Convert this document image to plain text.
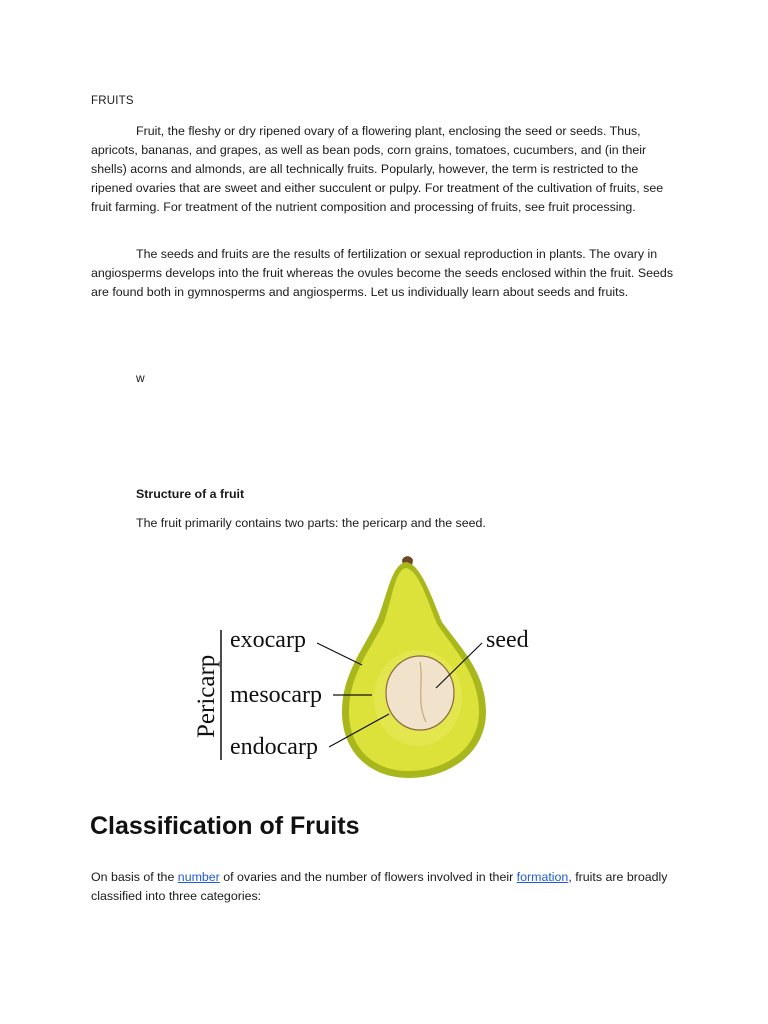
FRUITS

Fruit, the fleshy or dry ripened ovary of a flowering plant, enclosing the seed or seeds. Thus, apricots, bananas, and grapes, as well as bean pods, corn grains, tomatoes, cucumbers, and (in their shells) acorns and almonds, are all technically fruits. Popularly, however, the term is restricted to the ripened ovaries that are sweet and either succulent or pulpy. For treatment of the cultivation of fruits, see fruit farming. For treatment of the nutrient composition and processing of fruits, see fruit processing.

The seeds and fruits are the results of fertilization or sexual reproduction in plants. The ovary in angiosperms develops into the fruit whereas the ovules become the seeds enclosed within the fruit. Seeds are found both in gymnosperms and angiosperms. Let us individually learn about seeds and fruits.

w
Structure of a fruit

The fruit primarily contains two parts: the pericarp and the seed.

Pericarp
exocarp
mesocarp
endocarp
seed
Classification of Fruits

On basis of the number of ovaries and the number of flowers involved in their formation, fruits are broadly classified into three categories:
